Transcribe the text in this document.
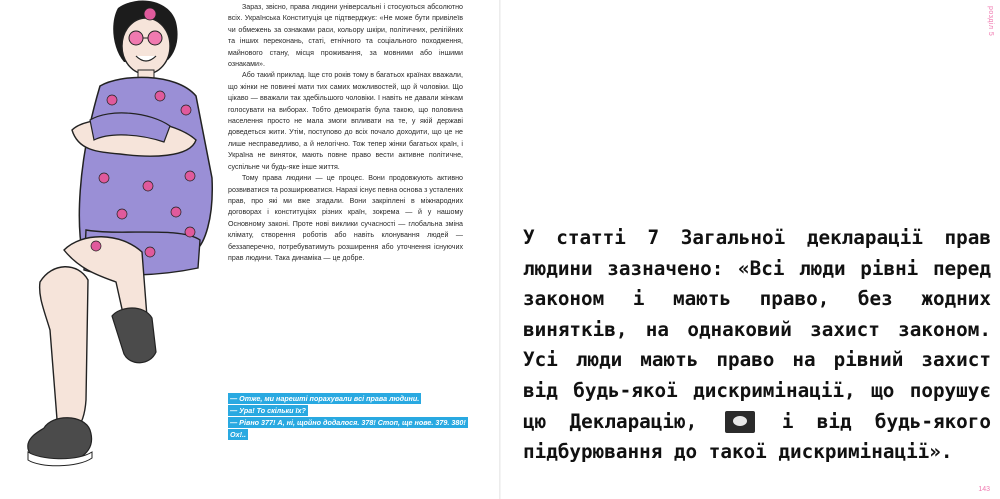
Зараз, звісно, права людини універсальні і стосуються абсолютно всіх. Українська Конституція це підтверджує: «Не може бути привілеїв чи обмежень за ознаками раси, кольору шкіри, політичних, релігійних та інших переконань, статі, етнічного та соціального походження, майнового стану, місця проживання, за мовними або іншими ознаками».

Або такий приклад. Іще сто років тому в багатьох країнах вважали, що жінки не повинні мати тих самих можливостей, що й чоловіки. Що цікаво — вважали так здебільшого чоловіки. І навіть не давали жінкам голосувати на виборах. Тобто демократія була такою, що половина населення просто не мала змоги впливати на те, у якій державі доведеться жити. Утім, поступово до всіх почало доходити, що це не лише несправедливо, а й нелогічно. Тож тепер жінки багатьох країн, і Україна не виняток, мають повне право вести активне політичне, суспільне чи будь-яке інше життя.

Тому права людини — це процес. Вони продовжують активно розвиватися та розширюватися. Наразі існує певна основа з усталених прав, про які ми вже згадали. Вони закріплені в міжнародних договорах і конституціях різних країн, зокрема — й у нашому Основному законі. Проте нові виклики сучасності — глобальна зміна клімату, створення роботів або навіть клонування людей — беззаперечно, потребуватимуть розширення або уточнення існуючих прав людини. Така динаміка — це добре.

— Отже, ми нарешті порахували всі права людини.
— Ура! То скільки їх?
— Рівно 377! А, ні, щойно додалося. 378! Стоп, ще нове. 379. 380! Ох!..
розділ 5
У статті 7 Загальної декларації прав людини зазначено: «Всі люди рівні перед законом і мають право, без жодних винятків, на однаковий захист законом. Усі люди мають право на рівний захист від будь-якої дискримінації, що порушує цю Декларацію,	і від будь-якого підбурювання до такої дискримінації».
143
